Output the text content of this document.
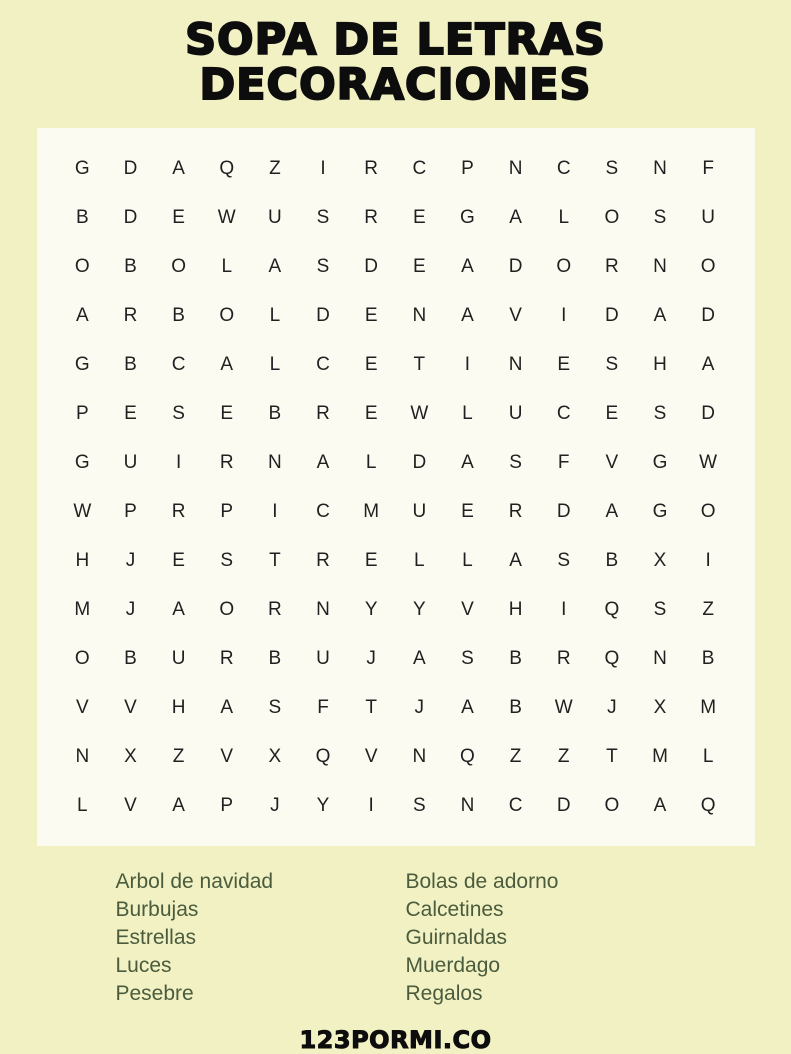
SOPA DE LETRAS DECORACIONES
G	D	A	Q	Z	I	R	C	P	N	C	S	N	F
B	D	E	W	U	S	R	E	G	A	L	O	S	U
O	B	O	L	A	S	D	E	A	D	O	R	N	O
A	R	B	O	L	D	E	N	A	V	I	D	A	D
G	B	C	A	L	C	E	T	I	N	E	S	H	A
P	E	S	E	B	R	E	W	L	U	C	E	S	D
G	U	I	R	N	A	L	D	A	S	F	V	G	W
W	P	R	P	I	C	M	U	E	R	D	A	G	O
H	J	E	S	T	R	E	L	L	A	S	B	X	I
M	J	A	O	R	N	Y	Y	V	H	I	Q	S	Z
O	B	U	R	B	U	J	A	S	B	R	Q	N	B
V	V	H	A	S	F	T	J	A	B	W	J	X	M
N	X	Z	V	X	Q	V	N	Q	Z	Z	T	M	L
L	V	A	P	J	Y	I	S	N	C	D	O	A	Q
Arbol de navidad
Burbujas
Estrellas
Luces
Pesebre
Bolas de adorno
Calcetines
Guirnaldas
Muerdago
Regalos
123PORMI.CO
